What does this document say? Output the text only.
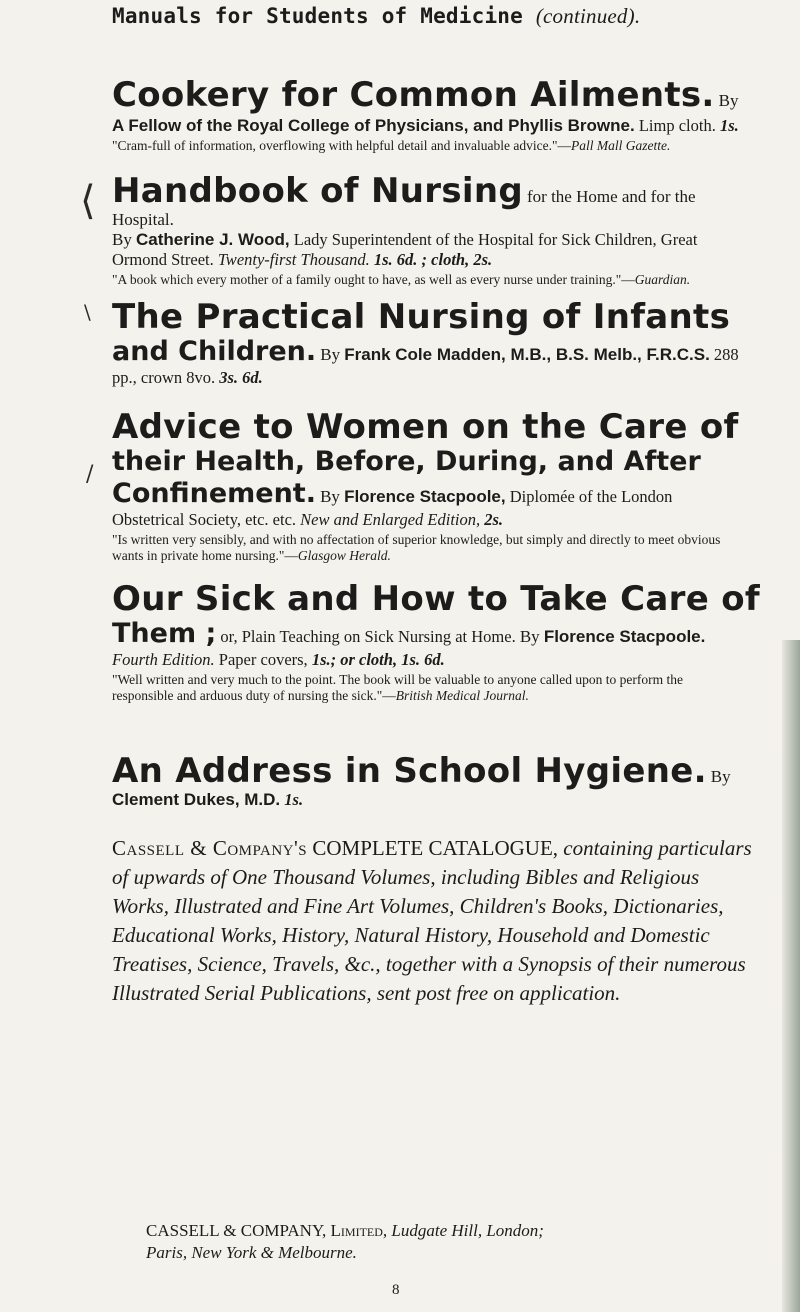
Manuals for Students of Medicine (continued).
Cookery for Common Ailments. By
A Fellow of the Royal College of Physicians, and Phyllis Browne. Limp cloth. 1s.
"Cram-full of information, overflowing with helpful detail and invaluable advice."—Pall Mall Gazette.
Handbook of Nursing for the Home and for the Hospital.
By Catherine J. Wood, Lady Superintendent of the Hospital for Sick Children, Great Ormond Street. Twenty-first Thousand. 1s. 6d. ; cloth, 2s.
"A book which every mother of a family ought to have, as well as every nurse under training."—Guardian.
The Practical Nursing of Infants
and Children. By Frank Cole Madden, M.B., B.S. Melb., F.R.C.S. 288 pp., crown 8vo. 3s. 6d.
Advice to Women on the Care of
their Health, Before, During, and After
Confinement. By Florence Stacpoole, Diplomée of the London Obstetrical Society, etc. etc. New and Enlarged Edition, 2s.
"Is written very sensibly, and with no affectation of superior knowledge, but simply and directly to meet obvious wants in private home nursing."—Glasgow Herald.
Our Sick and How to Take Care of
Them ; or, Plain Teaching on Sick Nursing at Home. By Florence Stacpoole. Fourth Edition. Paper covers, 1s.; or cloth, 1s. 6d.
"Well written and very much to the point. The book will be valuable to anyone called upon to perform the responsible and arduous duty of nursing the sick."—British Medical Journal.
An Address in School Hygiene. By
Clement Dukes, M.D. 1s.
Cassell & Company's COMPLETE CATALOGUE, containing particulars of upwards of One Thousand Volumes, including Bibles and Religious Works, Illustrated and Fine Art Volumes, Children's Books, Dictionaries, Educational Works, History, Natural History, Household and Domestic Treatises, Science, Travels, &c., together with a Synopsis of their numerous Illustrated Serial Publications, sent post free on application.
CASSELL & COMPANY, Limited, Ludgate Hill, London;
Paris, New York & Melbourne.
8
⟨
\
/
